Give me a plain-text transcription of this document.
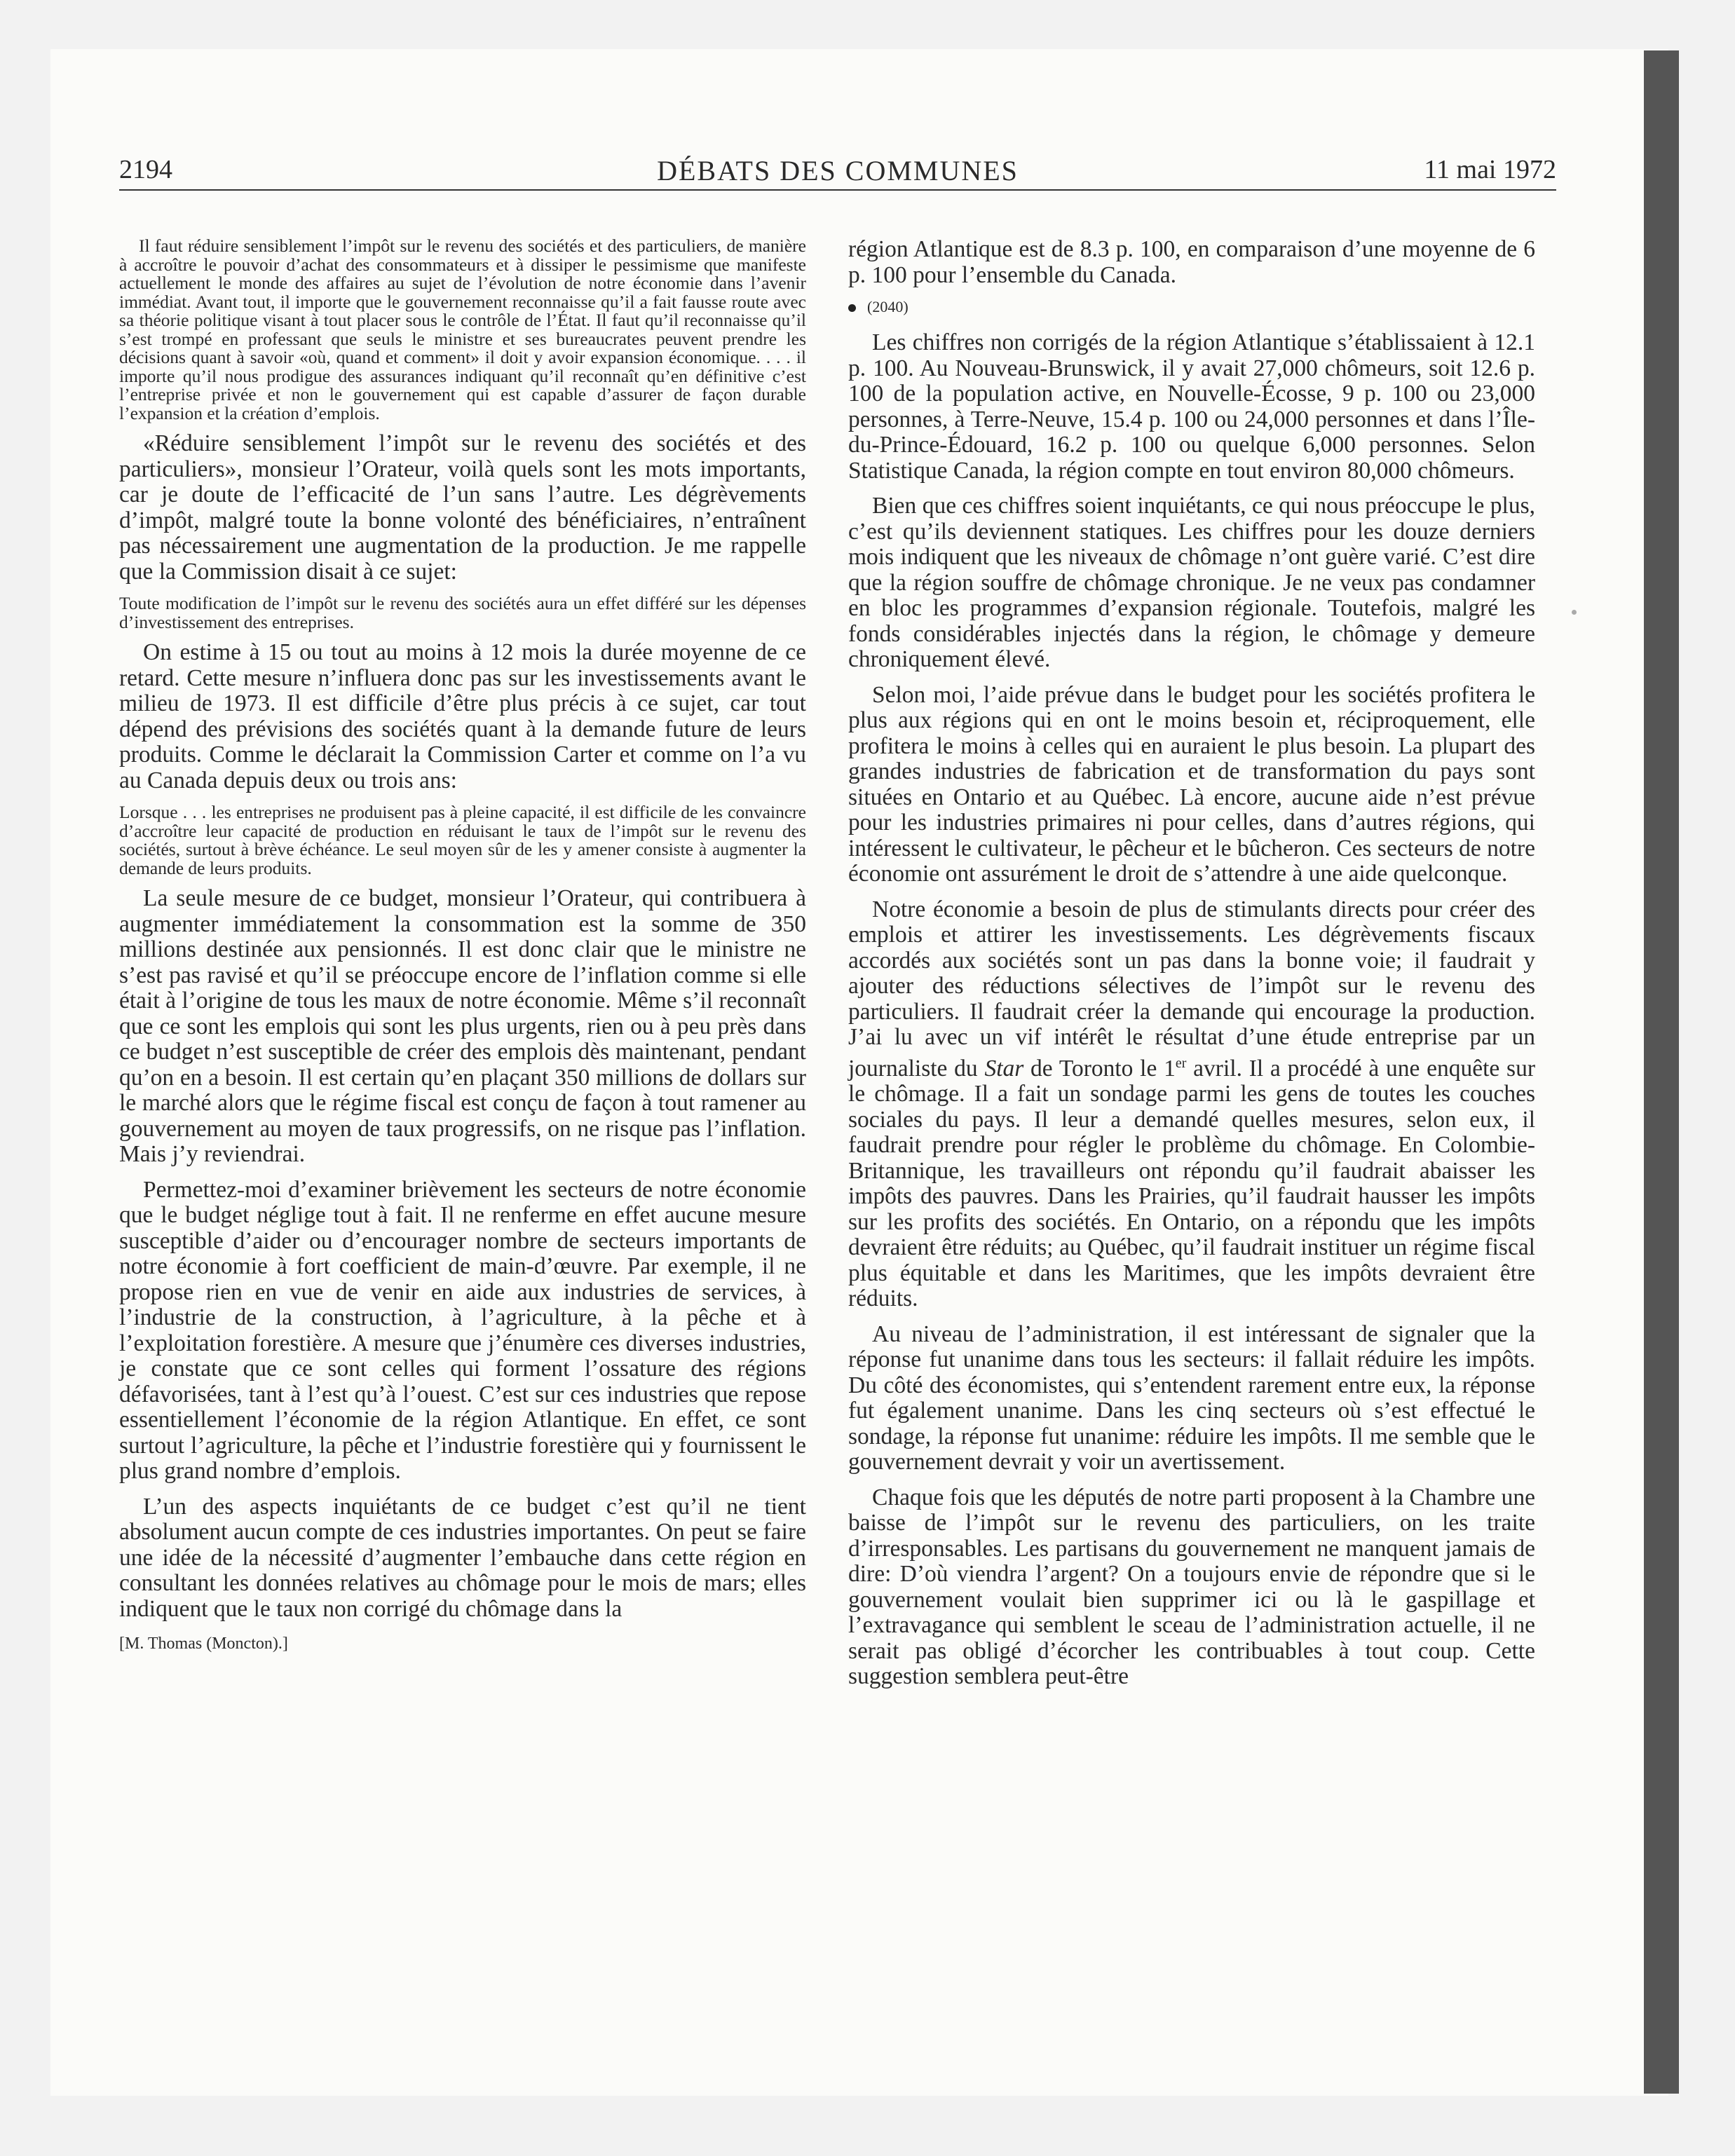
2194	DÉBATS DES COMMUNES	11 mai 1972

Il faut réduire sensiblement l’impôt sur le revenu des sociétés et des particuliers, de manière à accroître le pouvoir d’achat des consommateurs et à dissiper le pessimisme que manifeste actuellement le monde des affaires au sujet de l’évolution de notre économie dans l’avenir immédiat. Avant tout, il importe que le gouvernement reconnaisse qu’il a fait fausse route avec sa théorie politique visant à tout placer sous le contrôle de l’État. Il faut qu’il reconnaisse qu’il s’est trompé en professant que seuls le ministre et ses bureaucrates peuvent prendre les décisions quant à savoir «où, quand et comment» il doit y avoir expansion économique. . . . il importe qu’il nous prodigue des assurances indiquant qu’il reconnaît qu’en définitive c’est l’entreprise privée et non le gouvernement qui est capable d’assurer de façon durable l’expansion et la création d’emplois.

«Réduire sensiblement l’impôt sur le revenu des sociétés et des particuliers», monsieur l’Orateur, voilà quels sont les mots importants, car je doute de l’efficacité de l’un sans l’autre. Les dégrèvements d’impôt, malgré toute la bonne volonté des bénéficiaires, n’entraînent pas nécessairement une augmentation de la production. Je me rappelle que la Commission disait à ce sujet:

Toute modification de l’impôt sur le revenu des sociétés aura un effet différé sur les dépenses d’investissement des entreprises.

On estime à 15 ou tout au moins à 12 mois la durée moyenne de ce retard. Cette mesure n’influera donc pas sur les investissements avant le milieu de 1973. Il est difficile d’être plus précis à ce sujet, car tout dépend des prévisions des sociétés quant à la demande future de leurs produits. Comme le déclarait la Commission Carter et comme on l’a vu au Canada depuis deux ou trois ans:

Lorsque . . . les entreprises ne produisent pas à pleine capacité, il est difficile de les convaincre d’accroître leur capacité de production en réduisant le taux de l’impôt sur le revenu des sociétés, surtout à brève échéance. Le seul moyen sûr de les y amener consiste à augmenter la demande de leurs produits.

La seule mesure de ce budget, monsieur l’Orateur, qui contribuera à augmenter immédiatement la consommation est la somme de 350 millions destinée aux pensionnés. Il est donc clair que le ministre ne s’est pas ravisé et qu’il se préoccupe encore de l’inflation comme si elle était à l’origine de tous les maux de notre économie. Même s’il reconnaît que ce sont les emplois qui sont les plus urgents, rien ou à peu près dans ce budget n’est susceptible de créer des emplois dès maintenant, pendant qu’on en a besoin. Il est certain qu’en plaçant 350 millions de dollars sur le marché alors que le régime fiscal est conçu de façon à tout ramener au gouvernement au moyen de taux progressifs, on ne risque pas l’inflation. Mais j’y reviendrai.

Permettez-moi d’examiner brièvement les secteurs de notre économie que le budget néglige tout à fait. Il ne renferme en effet aucune mesure susceptible d’aider ou d’encourager nombre de secteurs importants de notre économie à fort coefficient de main-d’œuvre. Par exemple, il ne propose rien en vue de venir en aide aux industries de services, à l’industrie de la construction, à l’agriculture, à la pêche et à l’exploitation forestière. A mesure que j’énumère ces diverses industries, je constate que ce sont celles qui forment l’ossature des régions défavorisées, tant à l’est qu’à l’ouest. C’est sur ces industries que repose essentiellement l’économie de la région Atlantique. En effet, ce sont surtout l’agriculture, la pêche et l’industrie forestière qui y fournissent le plus grand nombre d’emplois.

L’un des aspects inquiétants de ce budget c’est qu’il ne tient absolument aucun compte de ces industries importantes. On peut se faire une idée de la nécessité d’augmenter l’embauche dans cette région en consultant les données relatives au chômage pour le mois de mars; elles indiquent que le taux non corrigé du chômage dans la

[M. Thomas (Moncton).]

région Atlantique est de 8.3 p. 100, en comparaison d’une moyenne de 6 p. 100 pour l’ensemble du Canada.

(2040)

Les chiffres non corrigés de la région Atlantique s’établissaient à 12.1 p. 100. Au Nouveau-Brunswick, il y avait 27,000 chômeurs, soit 12.6 p. 100 de la population active, en Nouvelle-Écosse, 9 p. 100 ou 23,000 personnes, à Terre-Neuve, 15.4 p. 100 ou 24,000 personnes et dans l’Île-du-Prince-Édouard, 16.2 p. 100 ou quelque 6,000 personnes. Selon Statistique Canada, la région compte en tout environ 80,000 chômeurs.

Bien que ces chiffres soient inquiétants, ce qui nous préoccupe le plus, c’est qu’ils deviennent statiques. Les chiffres pour les douze derniers mois indiquent que les niveaux de chômage n’ont guère varié. C’est dire que la région souffre de chômage chronique. Je ne veux pas condamner en bloc les programmes d’expansion régionale. Toutefois, malgré les fonds considérables injectés dans la région, le chômage y demeure chroniquement élevé.

Selon moi, l’aide prévue dans le budget pour les sociétés profitera le plus aux régions qui en ont le moins besoin et, réciproquement, elle profitera le moins à celles qui en auraient le plus besoin. La plupart des grandes industries de fabrication et de transformation du pays sont situées en Ontario et au Québec. Là encore, aucune aide n’est prévue pour les industries primaires ni pour celles, dans d’autres régions, qui intéressent le cultivateur, le pêcheur et le bûcheron. Ces secteurs de notre économie ont assurément le droit de s’attendre à une aide quelconque.

Notre économie a besoin de plus de stimulants directs pour créer des emplois et attirer les investissements. Les dégrèvements fiscaux accordés aux sociétés sont un pas dans la bonne voie; il faudrait y ajouter des réductions sélectives de l’impôt sur le revenu des particuliers. Il faudrait créer la demande qui encourage la production. J’ai lu avec un vif intérêt le résultat d’une étude entreprise par un journaliste du Star de Toronto le 1er avril. Il a procédé à une enquête sur le chômage. Il a fait un sondage parmi les gens de toutes les couches sociales du pays. Il leur a demandé quelles mesures, selon eux, il faudrait prendre pour régler le problème du chômage. En Colombie-Britannique, les travailleurs ont répondu qu’il faudrait abaisser les impôts des pauvres. Dans les Prairies, qu’il faudrait hausser les impôts sur les profits des sociétés. En Ontario, on a répondu que les impôts devraient être réduits; au Québec, qu’il faudrait instituer un régime fiscal plus équitable et dans les Maritimes, que les impôts devraient être réduits.

Au niveau de l’administration, il est intéressant de signaler que la réponse fut unanime dans tous les secteurs: il fallait réduire les impôts. Du côté des économistes, qui s’entendent rarement entre eux, la réponse fut également unanime. Dans les cinq secteurs où s’est effectué le sondage, la réponse fut unanime: réduire les impôts. Il me semble que le gouvernement devrait y voir un avertissement.

Chaque fois que les députés de notre parti proposent à la Chambre une baisse de l’impôt sur le revenu des particuliers, on les traite d’irresponsables. Les partisans du gouvernement ne manquent jamais de dire: D’où viendra l’argent? On a toujours envie de répondre que si le gouvernement voulait bien supprimer ici ou là le gaspillage et l’extravagance qui semblent le sceau de l’administration actuelle, il ne serait pas obligé d’écorcher les contribuables à tout coup. Cette suggestion semblera peut-être
